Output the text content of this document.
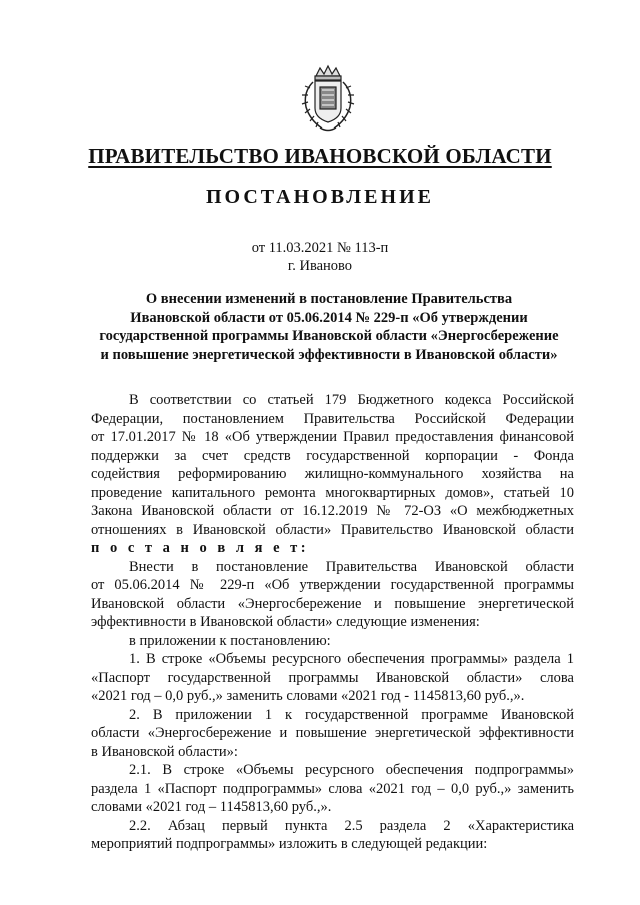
ПРАВИТЕЛЬСТВО ИВАНОВСКОЙ ОБЛАСТИ
ПОСТАНОВЛЕНИЕ
от 11.03.2021 № 113-п
г. Иваново
О внесении изменений в постановление Правительства
Ивановской области от 05.06.2014 № 229-п «Об утверждении
государственной программы Ивановской области «Энергосбережение
и повышение энергетической эффективности в Ивановской области»
В соответствии со статьей 179 Бюджетного кодекса Российской
Федерации, постановлением Правительства Российской Федерации
от 17.01.2017 № 18 «Об утверждении Правил предоставления финансовой
поддержки за счет средств государственной корпорации - Фонда
содействия реформированию жилищно-коммунального хозяйства на
проведение капитального ремонта многоквартирных домов», статьей 10
Закона Ивановской области от 16.12.2019 № 72-ОЗ «О межбюджетных
отношениях в Ивановской области» Правительство Ивановской области
п о с т а н о в л я е т:
Внести в постановление Правительства Ивановской области
от 05.06.2014 № 229-п «Об утверждении государственной программы
Ивановской области «Энергосбережение и повышение энергетической
эффективности в Ивановской области» следующие изменения:
в приложении к постановлению:
1. В строке «Объемы ресурсного обеспечения программы» раздела 1
«Паспорт государственной программы Ивановской области» слова
«2021 год – 0,0 руб.,» заменить словами «2021 год - 1145813,60 руб.,».
2. В приложении 1 к государственной программе Ивановской
области «Энергосбережение и повышение энергетической эффективности
в Ивановской области»:
2.1. В строке «Объемы ресурсного обеспечения подпрограммы»
раздела 1 «Паспорт подпрограммы» слова «2021 год – 0,0 руб.,» заменить
словами «2021 год – 1145813,60 руб.,».
2.2. Абзац первый пункта 2.5 раздела 2 «Характеристика
мероприятий подпрограммы» изложить в следующей редакции:
